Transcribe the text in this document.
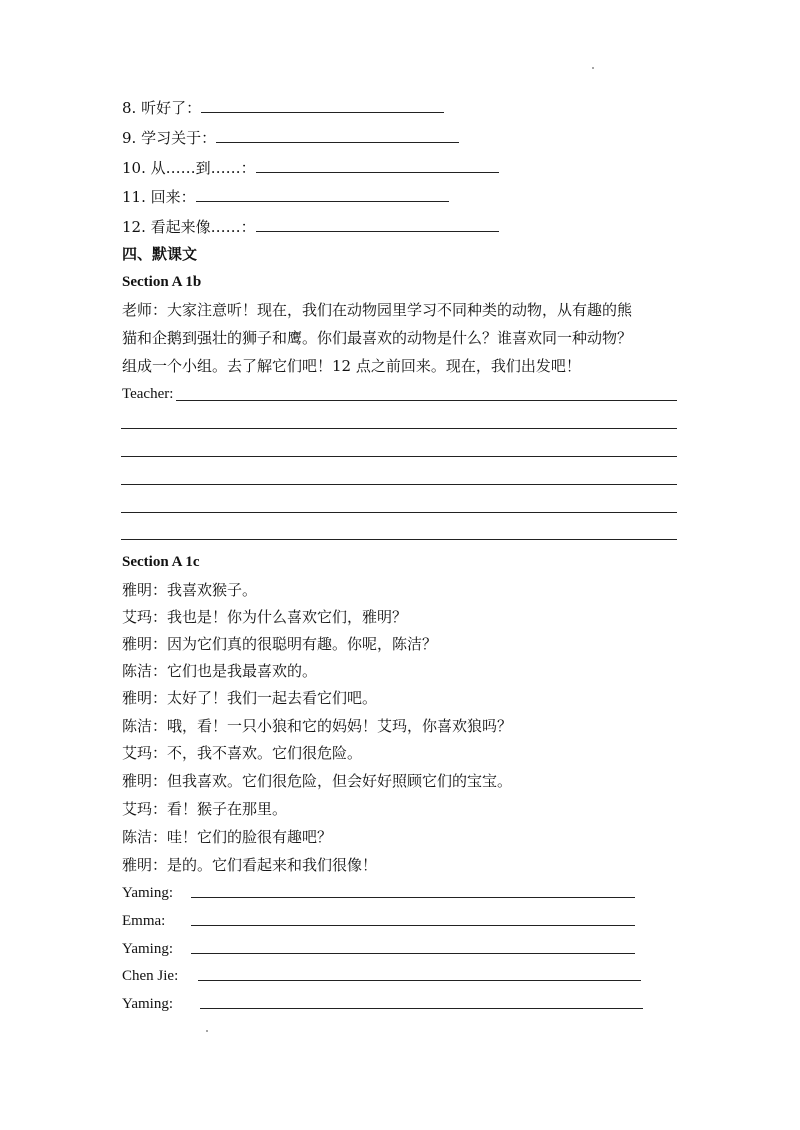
8. 听好了：
9. 学习关于：
10. 从……到……：
11. 回来：
12. 看起来像……：
四、默课文
Section A 1b
老师：大家注意听！现在，我们在动物园里学习不同种类的动物，从有趣的熊
猫和企鹅到强壮的狮子和鹰。你们最喜欢的动物是什么？谁喜欢同一种动物？
组成一个小组。去了解它们吧！12 点之前回来。现在，我们出发吧！
Teacher:
Section A 1c
雅明：我喜欢猴子。
艾玛：我也是！你为什么喜欢它们，雅明？
雅明：因为它们真的很聪明有趣。你呢，陈洁？
陈洁：它们也是我最喜欢的。
雅明：太好了！我们一起去看它们吧。
陈洁：哦，看！一只小狼和它的妈妈！艾玛，你喜欢狼吗？
艾玛：不，我不喜欢。它们很危险。
雅明：但我喜欢。它们很危险，但会好好照顾它们的宝宝。
艾玛：看！猴子在那里。
陈洁：哇！它们的脸很有趣吧？
雅明：是的。它们看起来和我们很像！
Yaming:
Emma:
Yaming:
Chen Jie:
Yaming:
